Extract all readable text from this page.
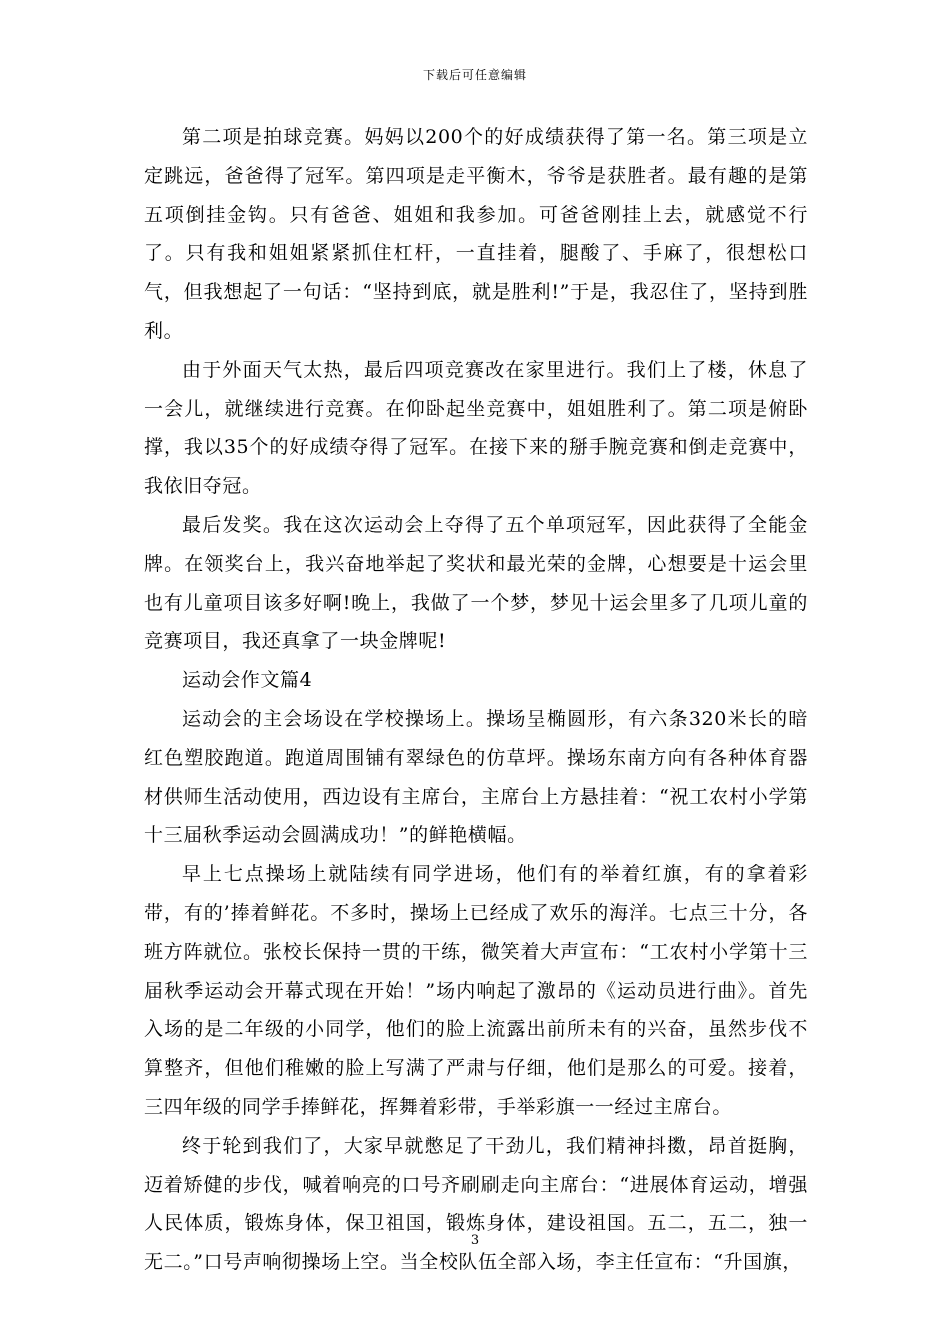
下载后可任意编辑

第二项是拍球竞赛。妈妈以200个的好成绩获得了第一名。第三项是立定跳远，爸爸得了冠军。第四项是走平衡木，爷爷是获胜者。最有趣的是第五项倒挂金钩。只有爸爸、姐姐和我参加。可爸爸刚挂上去，就感觉不行了。只有我和姐姐紧紧抓住杠杆，一直挂着，腿酸了、手麻了，很想松口气，但我想起了一句话：“坚持到底，就是胜利!”于是，我忍住了，坚持到胜利。

由于外面天气太热，最后四项竞赛改在家里进行。我们上了楼，休息了一会儿，就继续进行竞赛。在仰卧起坐竞赛中，姐姐胜利了。第二项是俯卧撑，我以35个的好成绩夺得了冠军。在接下来的掰手腕竞赛和倒走竞赛中，我依旧夺冠。

最后发奖。我在这次运动会上夺得了五个单项冠军，因此获得了全能金牌。在领奖台上，我兴奋地举起了奖状和最光荣的金牌，心想要是十运会里也有儿童项目该多好啊!晚上，我做了一个梦，梦见十运会里多了几项儿童的竞赛项目，我还真拿了一块金牌呢!

运动会作文篇4

运动会的主会场设在学校操场上。操场呈椭圆形，有六条320米长的暗红色塑胶跑道。跑道周围铺有翠绿色的仿草坪。操场东南方向有各种体育器材供师生活动使用，西边设有主席台，主席台上方悬挂着：“祝工农村小学第十三届秋季运动会圆满成功！”的鲜艳横幅。

早上七点操场上就陆续有同学进场，他们有的举着红旗，有的拿着彩带，有的’捧着鲜花。不多时，操场上已经成了欢乐的海洋。七点三十分，各班方阵就位。张校长保持一贯的干练，微笑着大声宣布：“工农村小学第十三届秋季运动会开幕式现在开始！”场内响起了激昂的《运动员进行曲》。首先入场的是二年级的小同学，他们的脸上流露出前所未有的兴奋，虽然步伐不算整齐，但他们稚嫩的脸上写满了严肃与仔细，他们是那么的可爱。接着，三四年级的同学手捧鲜花，挥舞着彩带，手举彩旗一一经过主席台。

终于轮到我们了，大家早就憋足了干劲儿，我们精神抖擞，昂首挺胸，迈着矫健的步伐，喊着响亮的口号齐刷刷走向主席台：“进展体育运动，增强人民体质，锻炼身体，保卫祖国，锻炼身体，建设祖国。五二，五二，独一无二。”口号声响彻操场上空。当全校队伍全部入场，李主任宣布：“升国旗，

3
